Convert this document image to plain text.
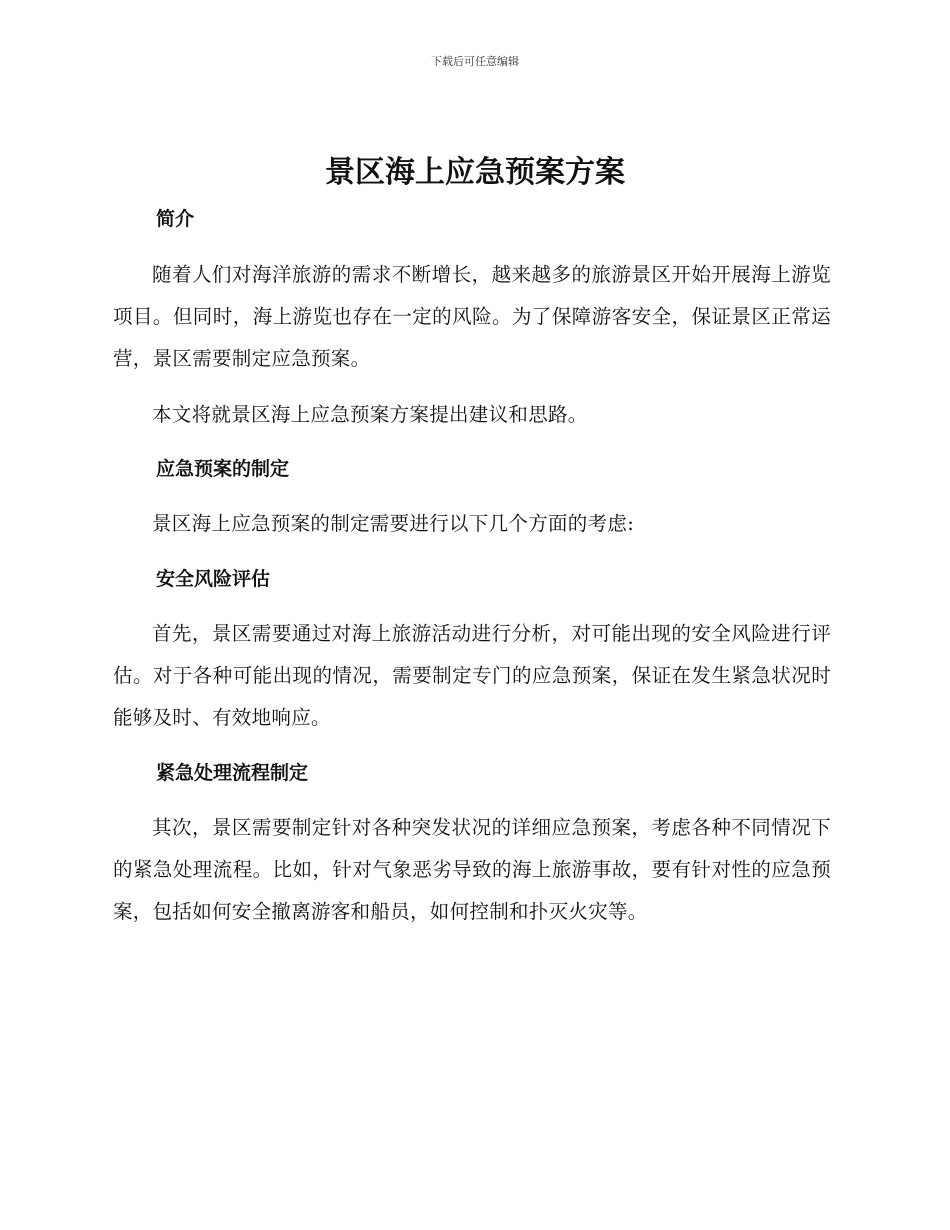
下载后可任意编辑
景区海上应急预案方案
简介

随着人们对海洋旅游的需求不断增长，越来越多的旅游景区开始开展海上游览项目。但同时，海上游览也存在一定的风险。为了保障游客安全，保证景区正常运营，景区需要制定应急预案。

本文将就景区海上应急预案方案提出建议和思路。

应急预案的制定

景区海上应急预案的制定需要进行以下几个方面的考虑:

安全风险评估

首先，景区需要通过对海上旅游活动进行分析，对可能出现的安全风险进行评估。对于各种可能出现的情况，需要制定专门的应急预案，保证在发生紧急状况时能够及时、有效地响应。

紧急处理流程制定

其次，景区需要制定针对各种突发状况的详细应急预案，考虑各种不同情况下的紧急处理流程。比如，针对气象恶劣导致的海上旅游事故，要有针对性的应急预案，包括如何安全撤离游客和船员，如何控制和扑灭火灾等。
